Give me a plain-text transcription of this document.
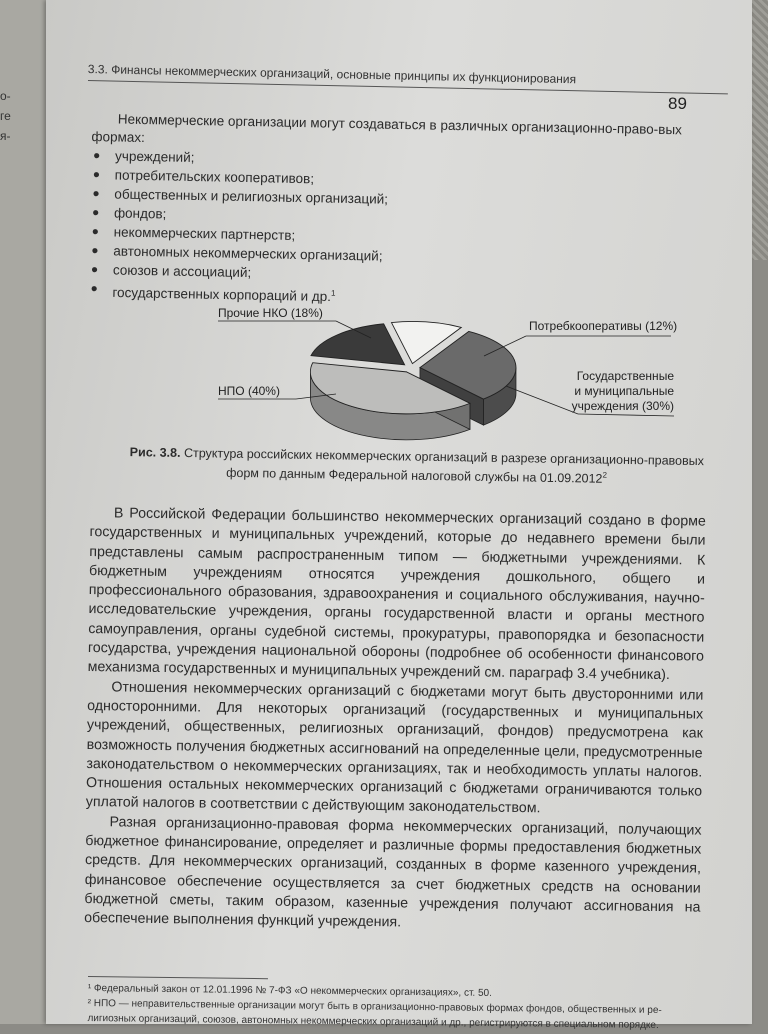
о-
ге
я-
3.3. Финансы некоммерческих организаций, основные принципы их функционирования
89

Некоммерческие организации могут создаваться в различных организационно-право-вых формах:

● учреждений;
● потребительских кооперативов;
● общественных и религиозных организаций;
● фондов;
● некоммерческих партнерств;
● автономных некоммерческих организаций;
● союзов и ассоциаций;
● государственных корпораций и др.$^1$
Прочие НКО (18%)
Потребкооперативы (12%)
Государственные
и муниципальные
учреждения (30%)
НПО (40%)
Рис. 3.8. Структура российских некоммерческих организаций в разрезе организационно-правовых форм по данным Федеральной налоговой службы на 01.09.2012$^2$

В Российской Федерации большинство некоммерческих организаций создано в форме государственных и муниципальных учреждений, которые до недавнего времени были представлены самым распространенным типом — бюджетными учреждениями. К бюджетным учреждениям относятся учреждения дошкольного, общего и профессионального образования, здравоохранения и социального обслуживания, научно-исследовательские учреждения, органы государственной власти и органы местного самоуправления, органы судебной системы, прокуратуры, правопорядка и безопасности государства, учреждения национальной обороны (подробнее об особенности финансового механизма государственных и муниципальных учреждений см. параграф 3.4 учебника).

Отношения некоммерческих организаций с бюджетами могут быть двусторонними или односторонними. Для некоторых организаций (государственных и муниципальных учреждений, общественных, религиозных организаций, фондов) предусмотрена как возможность получения бюджетных ассигнований на определенные цели, предусмотренные законодательством о некоммерческих организациях, так и необходимость уплаты налогов. Отношения остальных некоммерческих организаций с бюджетами ограничиваются только уплатой налогов в соответствии с действующим законодательством.

Разная организационно-правовая форма некоммерческих организаций, получающих бюджетное финансирование, определяет и различные формы предоставления бюджетных средств. Для некоммерческих организаций, созданных в форме казенного учреждения, финансовое обеспечение осуществляется за счет бюджетных средств на основании бюджетной сметы, таким образом, казенные учреждения получают ассигнования на обеспечение выполнения функций учреждения.

¹ Федеральный закон от 12.01.1996 № 7-ФЗ «О некоммерческих организациях», ст. 50.
² НПО — неправительственные организации могут быть в организационно-правовых формах фондов, общественных и ре-
лигиозных организаций, союзов, автономных некоммерческих организаций и др., регистрируются в специальном порядке.
